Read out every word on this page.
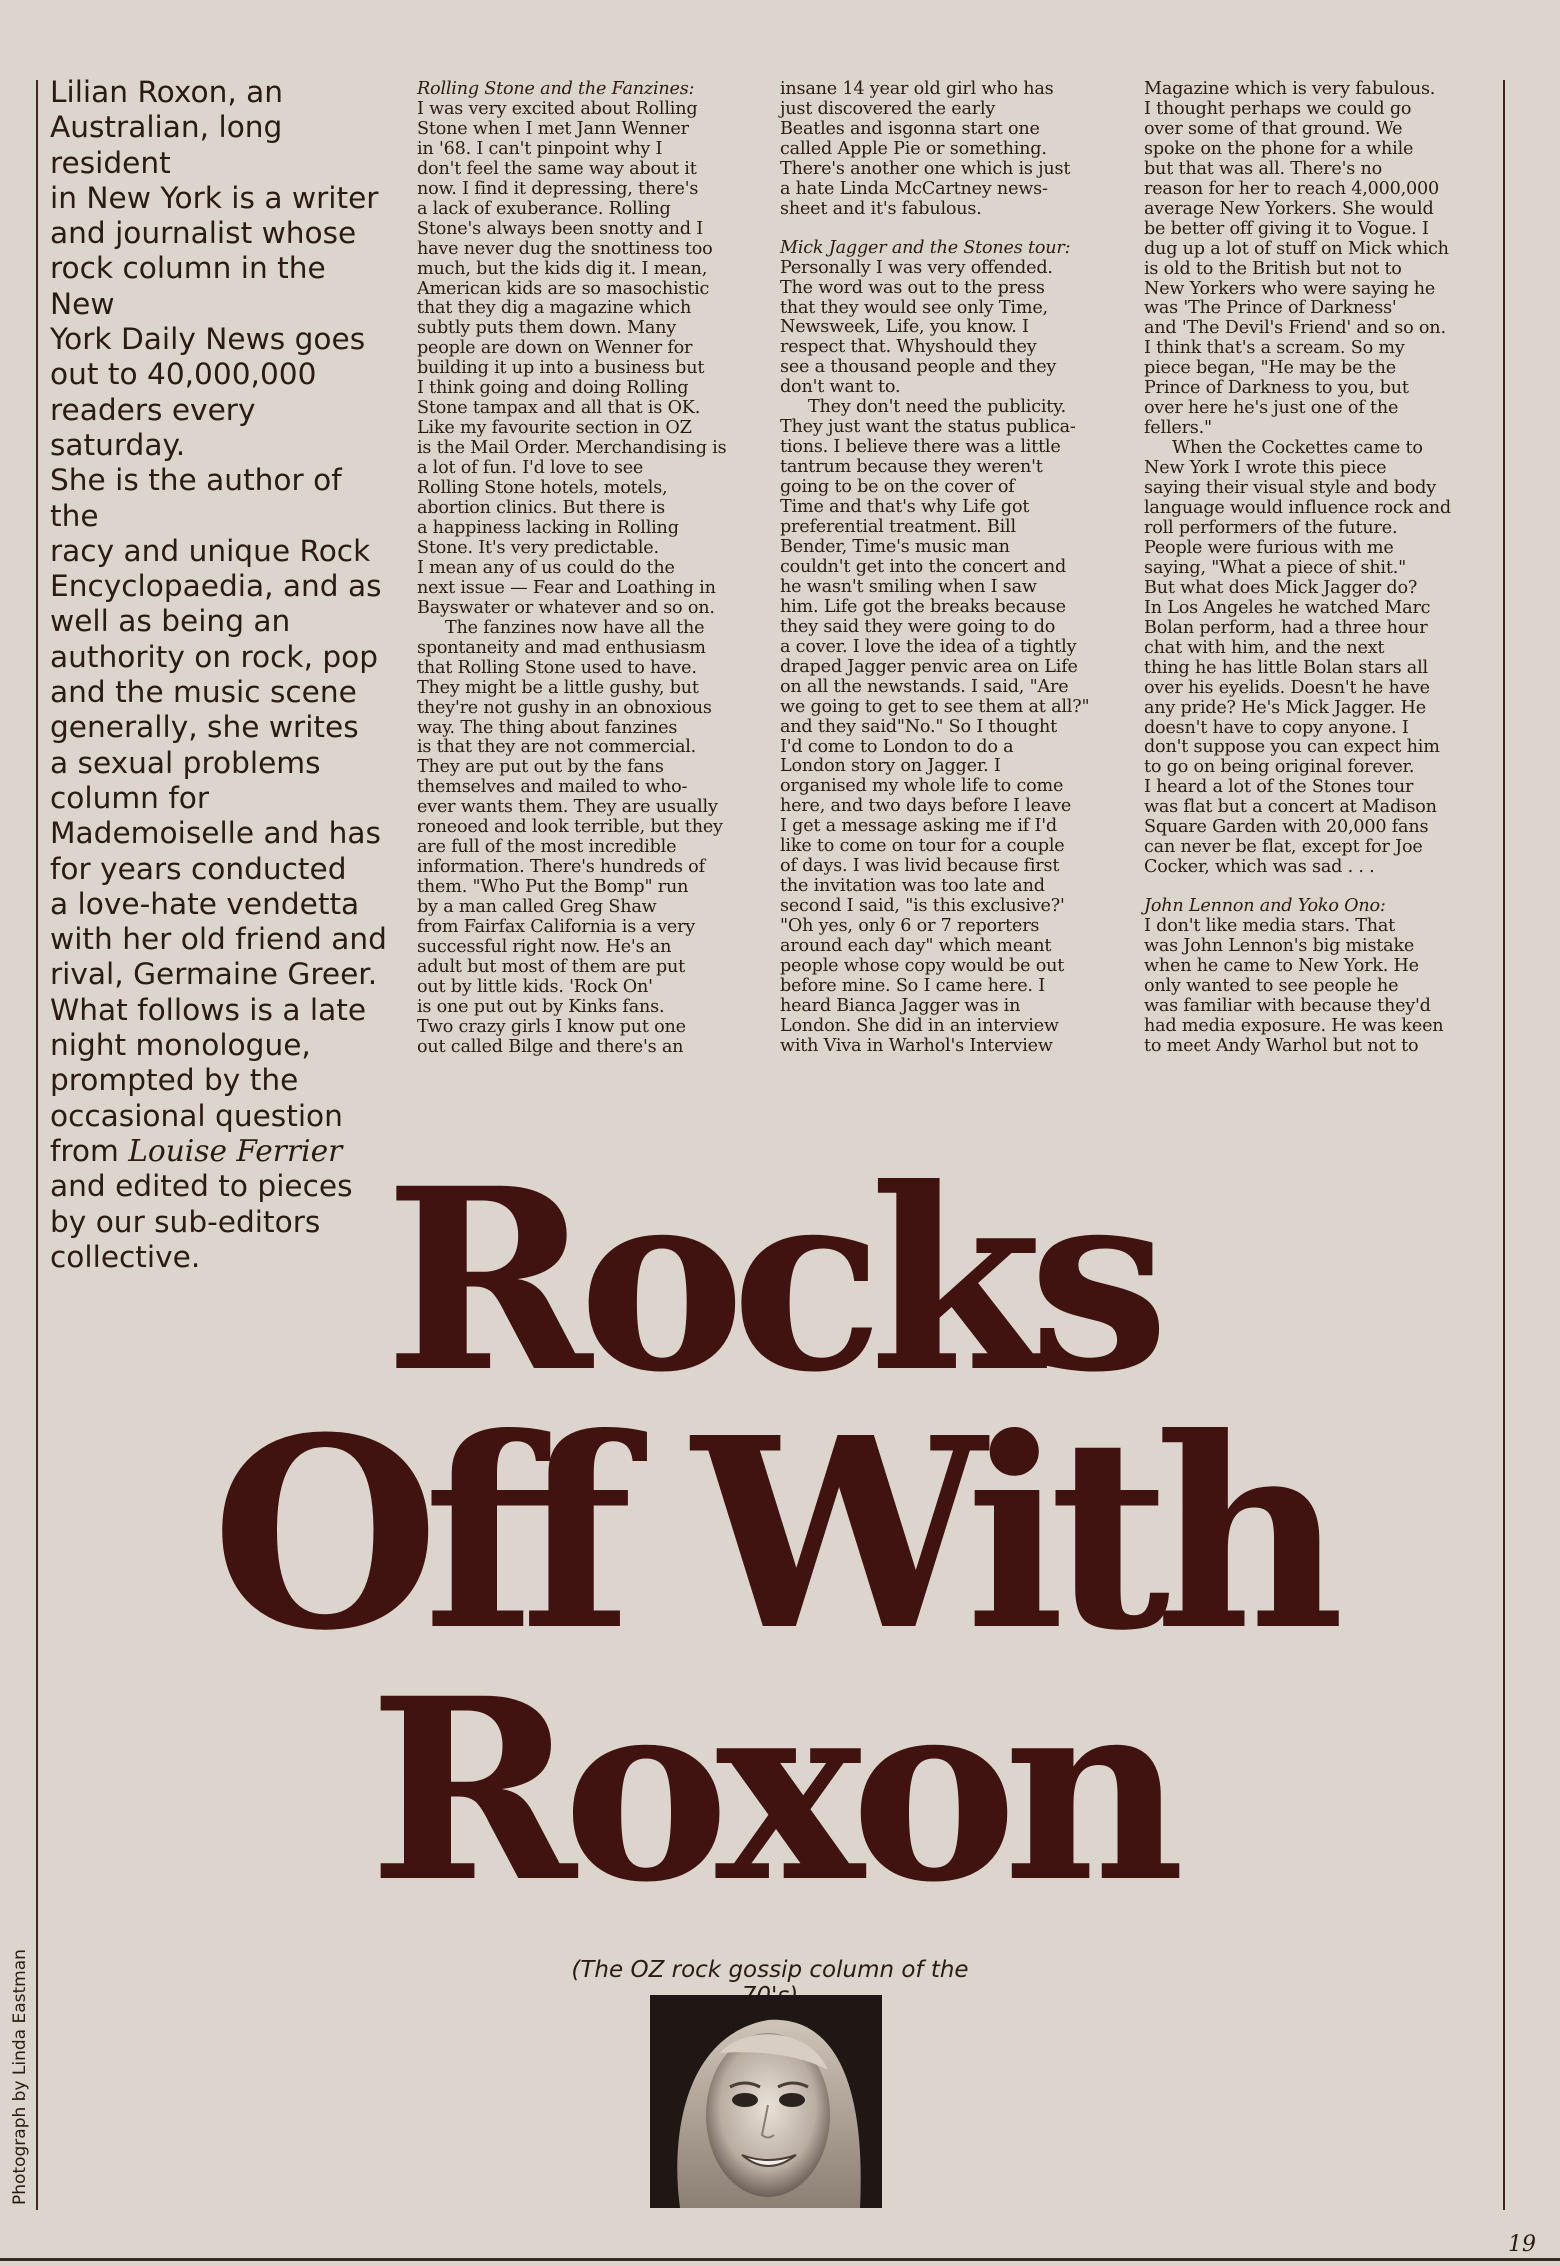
Lilian Roxon, an
Australian, long resident
in New York is a writer
and journalist whose
rock column in the New
York Daily News goes
out to 40,000,000
readers every saturday.
She is the author of the
racy and unique Rock
Encyclopaedia, and as
well as being an
authority on rock, pop
and the music scene
generally, she writes
a sexual problems
column for
Mademoiselle and has
for years conducted
a love-hate vendetta
with her old friend and
rival, Germaine Greer.
What follows is a late
night monologue,
prompted by the
occasional question
from Louise Ferrier
and edited to pieces
by our sub-editors
collective.
Rolling Stone and the Fanzines:
I was very excited about Rolling
Stone when I met Jann Wenner
in '68. I can't pinpoint why I
don't feel the same way about it
now. I find it depressing, there's
a lack of exuberance. Rolling
Stone's always been snotty and I
have never dug the snottiness too
much, but the kids dig it. I mean,
American kids are so masochistic
that they dig a magazine which
subtly puts them down. Many
people are down on Wenner for
building it up into a business but
I think going and doing Rolling
Stone tampax and all that is OK.
Like my favourite section in OZ
is the Mail Order. Merchandising is
a lot of fun. I'd love to see
Rolling Stone hotels, motels,
abortion clinics. But there is
a happiness lacking in Rolling
Stone. It's very predictable.
I mean any of us could do the
next issue — Fear and Loathing in
Bayswater or whatever and so on.
The fanzines now have all the
spontaneity and mad enthusiasm
that Rolling Stone used to have.
They might be a little gushy, but
they're not gushy in an obnoxious
way. The thing about fanzines
is that they are not commercial.
They are put out by the fans
themselves and mailed to who-
ever wants them. They are usually
roneoed and look terrible, but they
are full of the most incredible
information. There's hundreds of
them. "Who Put the Bomp" run
by a man called Greg Shaw
from Fairfax California is a very
successful right now. He's an
adult but most of them are put
out by little kids. 'Rock On'
is one put out by Kinks fans.
Two crazy girls I know put one
out called Bilge and there's an
insane 14 year old girl who has
just discovered the early
Beatles and isgonna start one
called Apple Pie or something.
There's another one which is just
a hate Linda McCartney news-
sheet and it's fabulous.
Mick Jagger and the Stones tour:
Personally I was very offended.
The word was out to the press
that they would see only Time,
Newsweek, Life, you know. I
respect that. Whyshould they
see a thousand people and they
don't want to.
They don't need the publicity.
They just want the status publica-
tions. I believe there was a little
tantrum because they weren't
going to be on the cover of
Time and that's why Life got
preferential treatment. Bill
Bender, Time's music man
couldn't get into the concert and
he wasn't smiling when I saw
him. Life got the breaks because
they said they were going to do
a cover. I love the idea of a tightly
draped Jagger penvic area on Life
on all the newstands. I said, "Are
we going to get to see them at all?"
and they said"No." So I thought
I'd come to London to do a
London story on Jagger. I
organised my whole life to come
here, and two days before I leave
I get a message asking me if I'd
like to come on tour for a couple
of days. I was livid because first
the invitation was too late and
second I said, "is this exclusive?'
"Oh yes, only 6 or 7 reporters
around each day" which meant
people whose copy would be out
before mine. So I came here. I
heard Bianca Jagger was in
London. She did in an interview
with Viva in Warhol's Interview
Magazine which is very fabulous.
I thought perhaps we could go
over some of that ground. We
spoke on the phone for a while
but that was all. There's no
reason for her to reach 4,000,000
average New Yorkers. She would
be better off giving it to Vogue. I
dug up a lot of stuff on Mick which
is old to the British but not to
New Yorkers who were saying he
was 'The Prince of Darkness'
and 'The Devil's Friend' and so on.
I think that's a scream. So my
piece began, "He may be the
Prince of Darkness to you, but
over here he's just one of the
fellers."
When the Cockettes came to
New York I wrote this piece
saying their visual style and body
language would influence rock and
roll performers of the future.
People were furious with me
saying, "What a piece of shit."
But what does Mick Jagger do?
In Los Angeles he watched Marc
Bolan perform, had a three hour
chat with him, and the next
thing he has little Bolan stars all
over his eyelids. Doesn't he have
any pride? He's Mick Jagger. He
doesn't have to copy anyone. I
don't suppose you can expect him
to go on being original forever.
I heard a lot of the Stones tour
was flat but a concert at Madison
Square Garden with 20,000 fans
can never be flat, except for Joe
Cocker, which was sad . . .
John Lennon and Yoko Ono:
I don't like media stars. That
was John Lennon's big mistake
when he came to New York. He
only wanted to see people he
was familiar with because they'd
had media exposure. He was keen
to meet Andy Warhol but not to
Rocks
Off With
Roxon
(The OZ rock gossip column of the
Photograph by Linda Eastman
19
